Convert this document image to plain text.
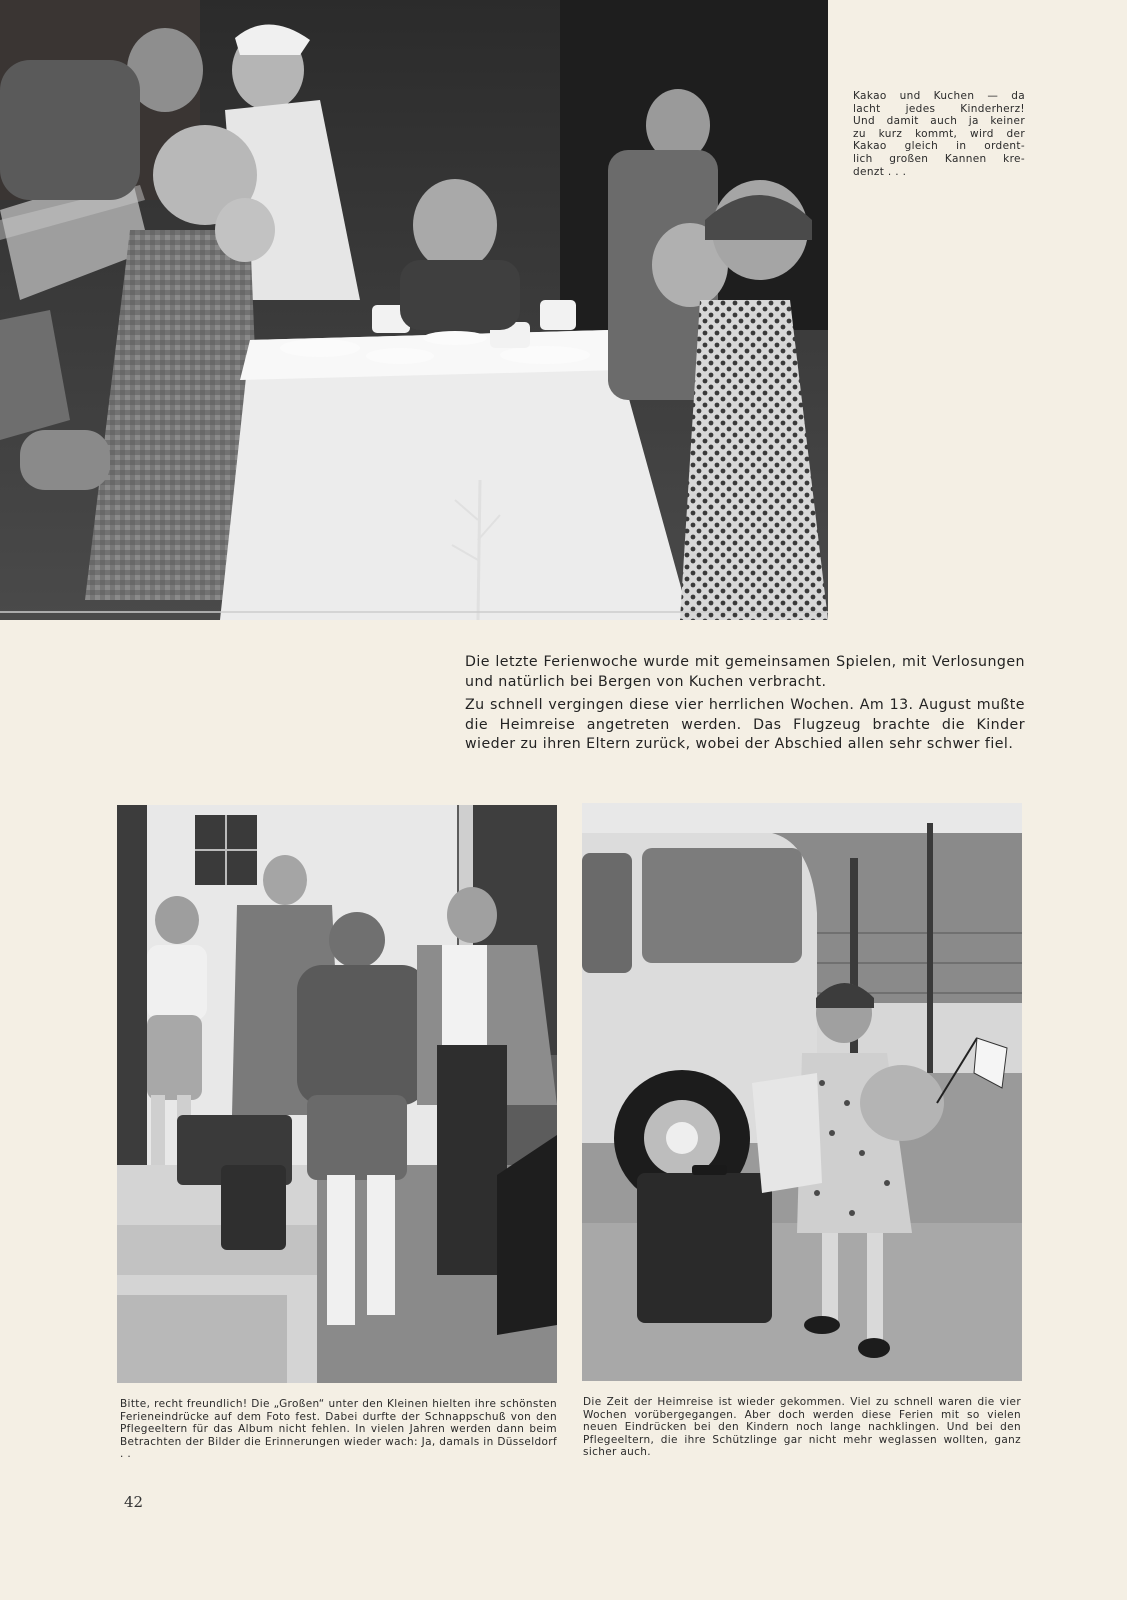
Kakao und Kuchen — da

lacht jedes Kinderherz!

Und damit auch ja keiner

zu kurz kommt, wird der

Kakao gleich in ordent-

lich großen Kannen kre-

denzt . . .

Die letzte Ferienwoche wurde mit gemeinsamen Spielen, mit Verlosungen und natürlich bei Bergen von Kuchen verbracht.

Zu schnell vergingen diese vier herrlichen Wochen. Am 13. August mußte die Heimreise angetreten werden. Das Flugzeug brachte die Kinder wieder zu ihren Eltern zurück, wobei der Abschied allen sehr schwer fiel.

Bitte, recht freundlich! Die „Großen“ unter den Kleinen hielten ihre schönsten Ferieneindrücke auf dem Foto fest. Dabei durfte der Schnappschuß von den Pflegeeltern für das Album nicht fehlen. In vielen Jahren werden dann beim Betrachten der Bilder die Erinnerungen wieder wach: Ja, damals in Düsseldorf . .

Die Zeit der Heimreise ist wieder gekommen. Viel zu schnell waren die vier Wochen vorübergegangen. Aber doch werden diese Ferien mit so vielen neuen Eindrücken bei den Kindern noch lange nachklingen. Und bei den Pflegeeltern, die ihre Schützlinge gar nicht mehr weglassen wollten, ganz sicher auch.

42
